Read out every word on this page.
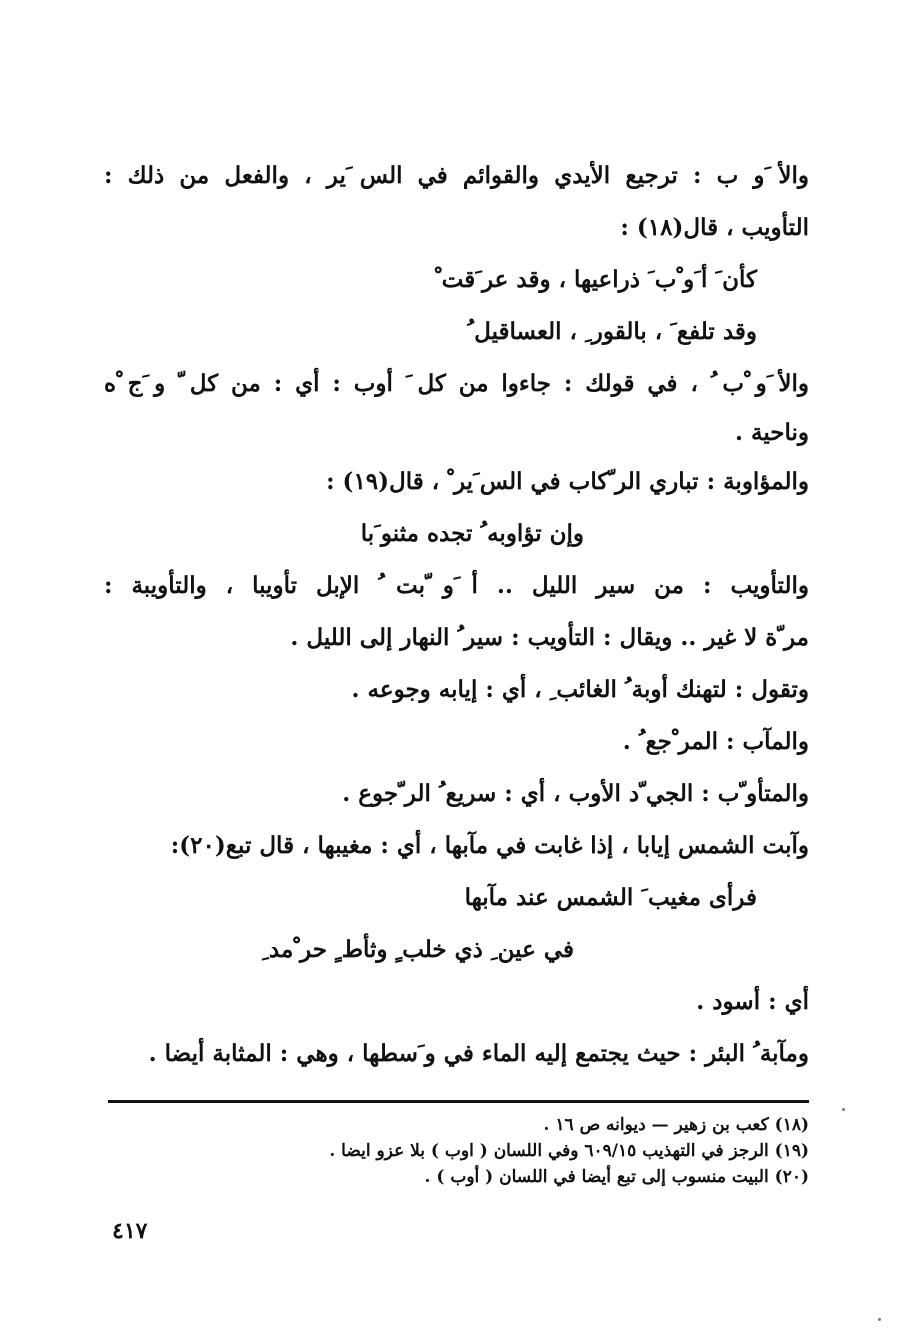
والأ َو ب : ترجيع الأيدي والقوائم في الس َير ، والفعل من ذلك :
التأويب ، قال(١٨) :
كأن َ أ َو ْب َ ذراعيها ، وقد عر َقت ْ
وقد تلفع َ ، بالقور ِ ، العساقيل ُ
والأ َو ْب ُ ، في قولك : جاءوا من كل َ أوب : أي : من كل ّ و َج ْه
وناحية .
والمؤاوبة : تباري الر ّكاب في الس َير ْ ، قال(١٩) :
وإن تؤاوبه ُ تجده مثنو َبا
والتأويب : من سير الليل .. أ َو ّبت ُ الإبل تأويبا ، والتأويبة :
مر ّة لا غير .. ويقال : التأويب : سير ُ النهار إلى الليل .
وتقول : لتهنك أوبة ُ الغائب ِ ، أي : إيابه وجوعه .
والمآب : المر ْجع ُ .
والمتأو ّب : الجي ّد الأوب ، أي : سريع ُ الر ّجوع .
وآبت الشمس إيابا ، إذا غابت في مآبها ، أي : مغيبها ، قال تبع(٢٠):
فرأى مغيب َ الشمس عند مآبها
في عين ِ ذي خلب ٍ وثأط ٍ حر ْمد ِ
أي : أسود .
ومآبة ُ البئر : حيث يجتمع إليه الماء في و َسطها ، وهي : المثابة أيضا .
(١٨) كعب بن زهير — ديوانه ص ١٦ .
(١٩) الرجز في التهذيب ٦٠٩/١٥ وفي اللسان ( اوب ) بلا عزو ايضا .
(٢٠) البيت منسوب إلى تبع أيضا في اللسان ( أوب ) .
٤١٧
